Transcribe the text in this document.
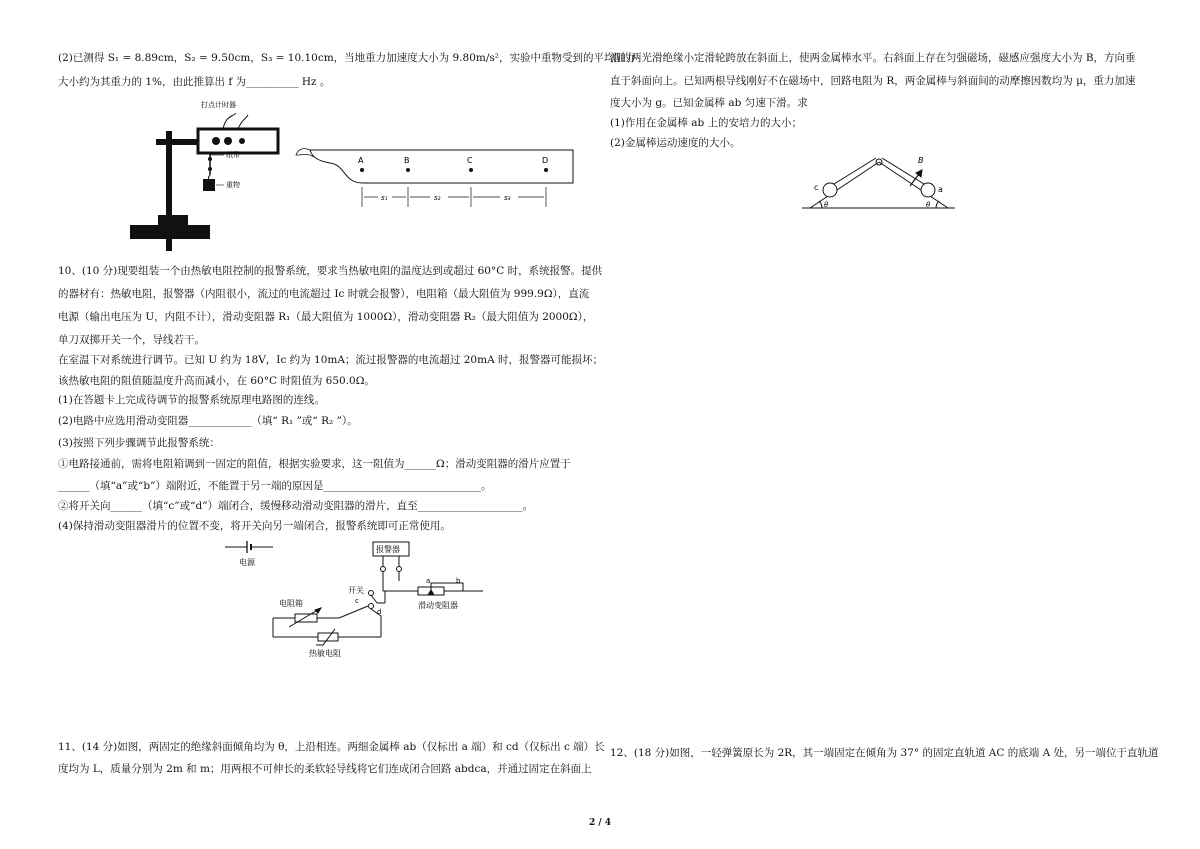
(2)已测得 S₁ = 8.89cm，S₂ = 9.50cm，S₃ = 10.10cm，当地重力加速度大小为 9.80m/s²，实验中重物受到的平均阻力
大小约为其重力的 1%，由此推算出 f 为__________ Hz 。
打点计时器
重物
纸带
A	B	C	D
s₁	s₂	s₃
10、(10 分)现要组装一个由热敏电阻控制的报警系统，要求当热敏电阻的温度达到或超过 60°C 时，系统报警。提供
的器材有：热敏电阻，报警器（内阻很小，流过的电流超过 Ic 时就会报警），电阻箱（最大阻值为 999.9Ω），直流
电源（输出电压为 U，内阻不计），滑动变阻器 R₁（最大阻值为 1000Ω），滑动变阻器 R₂（最大阻值为 2000Ω），
单刀双掷开关一个，导线若干。
在室温下对系统进行调节。已知 U 约为 18V，Ic 约为 10mA；流过报警器的电流超过 20mA 时，报警器可能损坏；
该热敏电阻的阻值随温度升高而减小，在 60°C 时阻值为 650.0Ω。
(1)在答题卡上完成待调节的报警系统原理电路图的连线。
(2)电路中应选用滑动变阻器____________（填“ R₁ ”或“ R₂ ”）。
(3)按照下列步骤调节此报警系统：
①电路接通前，需将电阻箱调到一固定的阻值，根据实验要求，这一阻值为______Ω；滑动变阻器的滑片应置于
______（填“a”或“b”）端附近，不能置于另一端的原因是______________________________。
②将开关向______（填“c”或“d”）端闭合，缓慢移动滑动变阻器的滑片，直至____________________。
(4)保持滑动变阻器滑片的位置不变，将开关向另一端闭合，报警系统即可正常使用。
电源
报警器
a	b
滑动变阻器
开关
c
d
电阻箱
热敏电阻
11、(14 分)如图，两固定的绝缘斜面倾角均为 θ，上沿相连。两细金属棒 ab（仅标出 a 端）和 cd（仅标出 c 端）长
度均为 L，质量分别为 2m 和 m；用两根不可伸长的柔软轻导线将它们连成闭合回路 abdca，并通过固定在斜面上
沿的两光滑绝缘小定滑轮跨放在斜面上，使两金属棒水平。右斜面上存在匀强磁场，磁感应强度大小为 B，方向垂
直于斜面向上。已知两根导线刚好不在磁场中，回路电阻为 R，两金属棒与斜面间的动摩擦因数均为 μ，重力加速
度大小为 g。已知金属棒 ab 匀速下滑。求
(1)作用在金属棒 ab 上的安培力的大小；
(2)金属棒运动速度的大小。
B
c	a
θ	θ
12、(18 分)如图，一轻弹簧原长为 2R，其一端固定在倾角为 37° 的固定直轨道 AC 的底端 A 处，另一端位于直轨道
2 / 4
